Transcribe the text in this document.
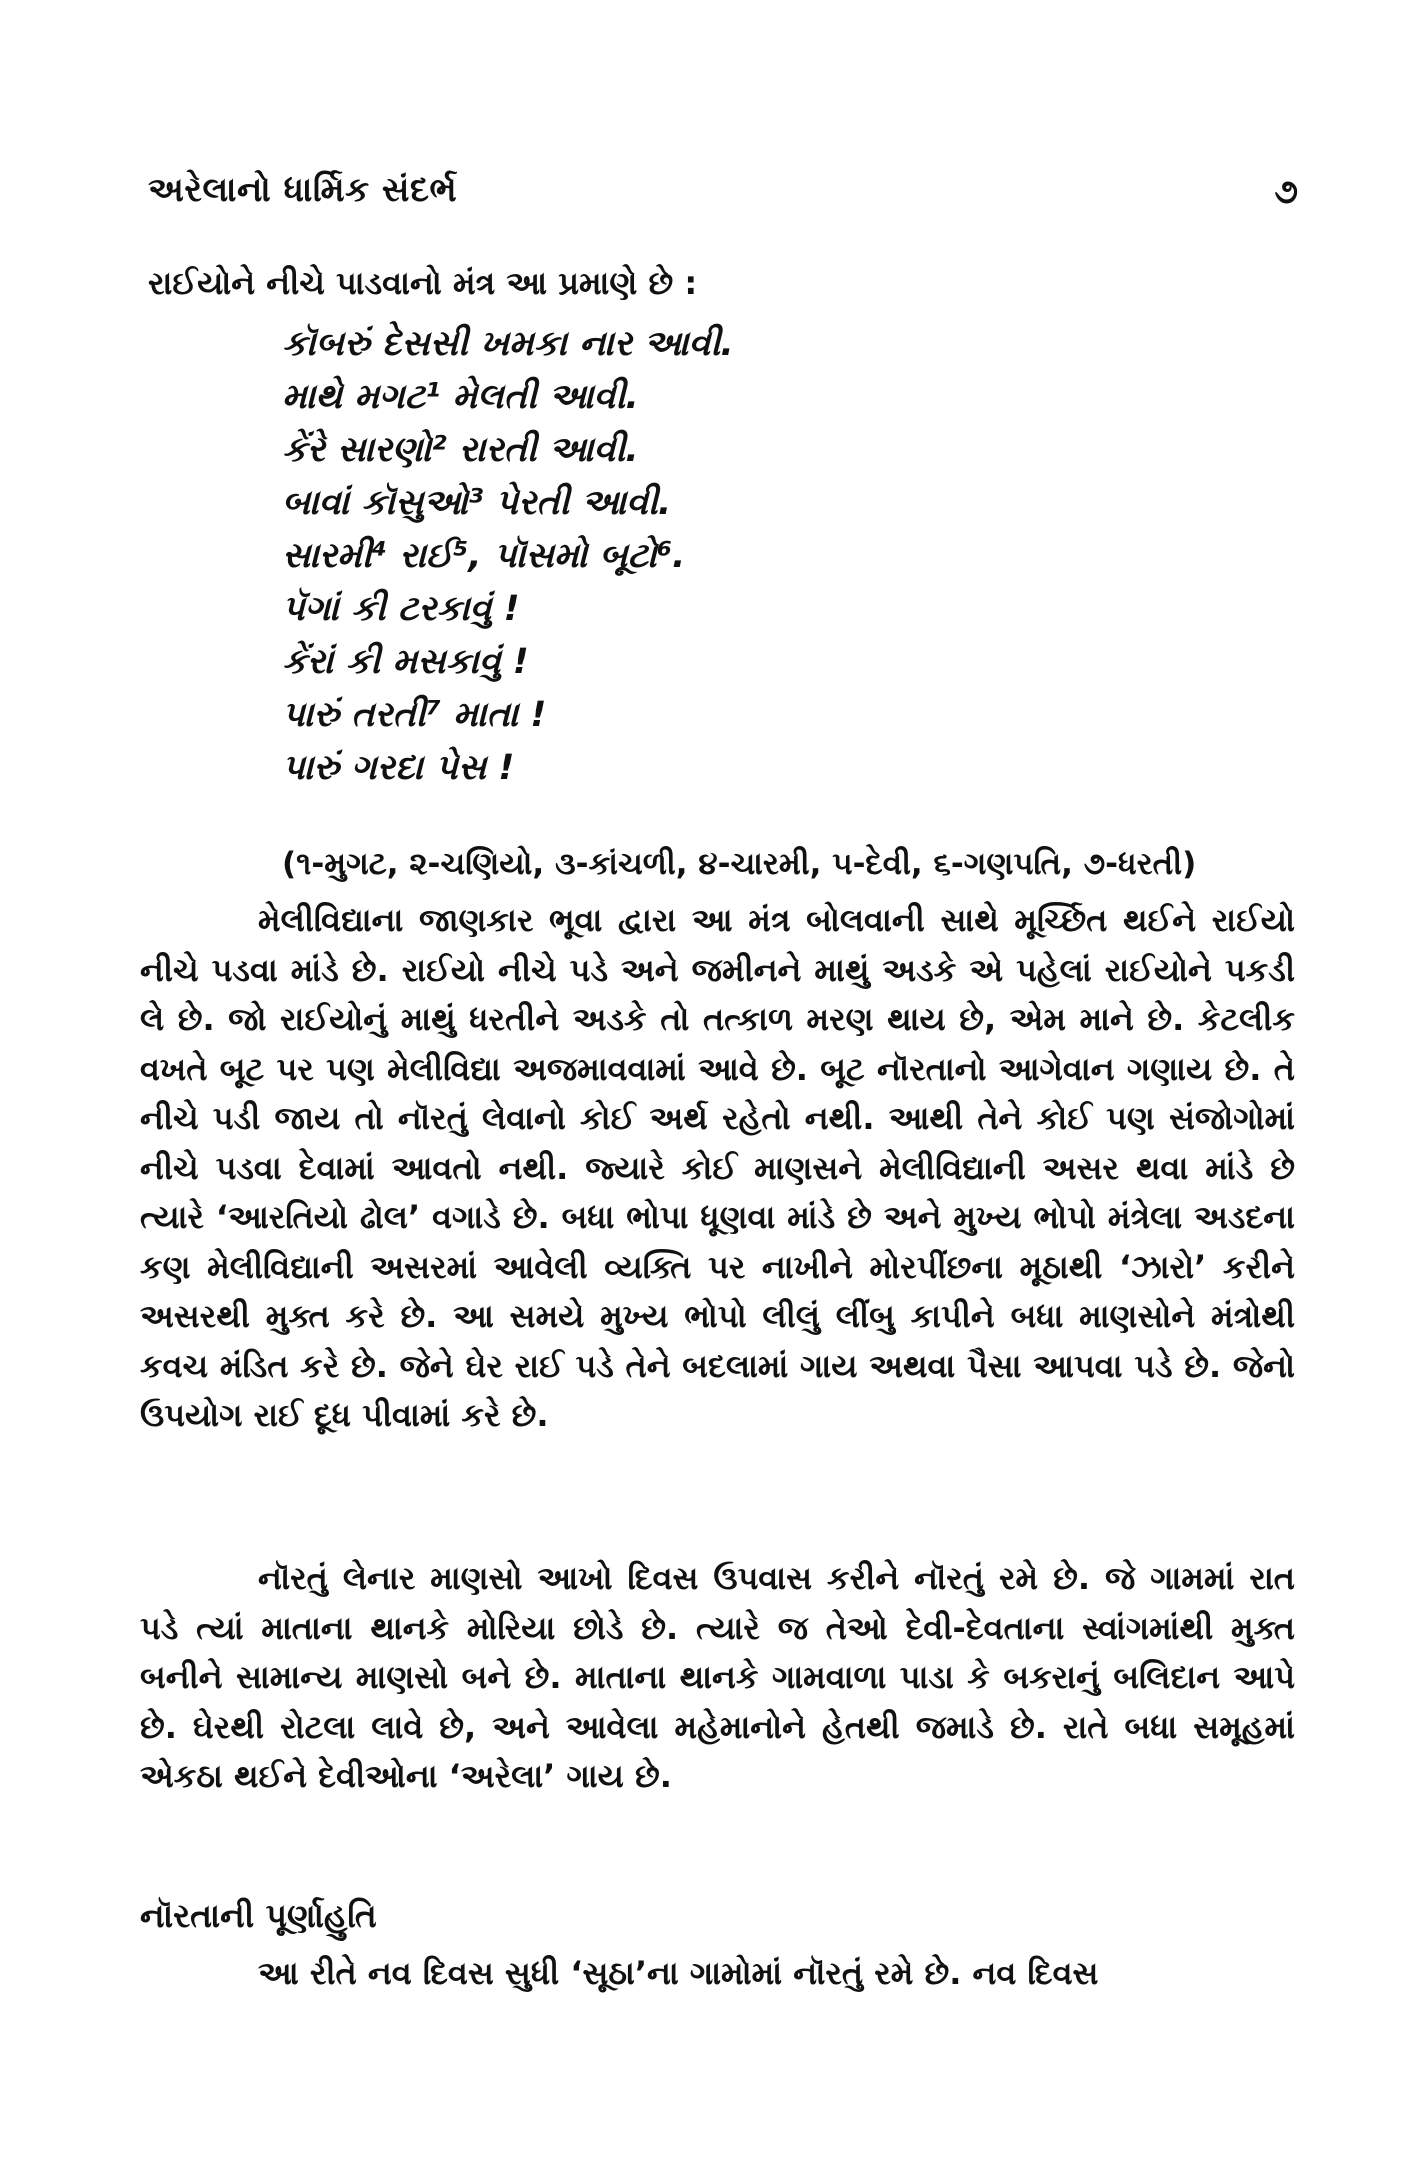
અરેલાનો ધાર્મિક સંદર્ભ	૭
રાઈયોને નીચે પાડવાનો મંત્ર આ પ્રમાણે છે :
કૉબરું દેસસી ખમકા નાર આવી.
માથે મગટ¹ મેલતી આવી.
કેંરે સારણો² રારતી આવી.
બાવાં કૉસુઓ³ પેરતી આવી.
સારમી⁴ રાઈ⁵, પૉસમો બૂટો⁶.
પૅગાં કી ટરકાવું !
કેંરાં કી મસકાવું !
પારું તરતી⁷ માતા !
પારું ગરદા પેસ !
(૧-મુગટ, ૨-ચણિયો, ૩-કાંચળી, ૪-ચારમી, ૫-દેવી, ૬-ગણપતિ, ૭-ધરતી)

મેલીવિદ્યાના જાણકાર ભૂવા દ્વારા આ મંત્ર બોલવાની સાથે મૂર્ચ્છિત થઈને રાઈયો નીચે પડવા માંડે છે. રાઈયો નીચે પડે અને જમીનને માથું અડકે એ પહેલાં રાઈયોને પકડી લે છે. જો રાઈયોનું માથું ધરતીને અડકે તો તત્કાળ મરણ થાય છે, એમ માને છે. કેટલીક વખતે બૂટ પર પણ મેલીવિદ્યા અજમાવવામાં આવે છે. બૂટ નૉરતાનો આગેવાન ગણાય છે. તે નીચે પડી જાય તો નૉરતું લેવાનો કોઈ અર્થ રહેતો નથી. આથી તેને કોઈ પણ સંજોગોમાં નીચે પડવા દેવામાં આવતો નથી. જ્યારે કોઈ માણસને મેલીવિદ્યાની અસર થવા માંડે છે ત્યારે ‘આરતિયો ઢોલ’ વગાડે છે. બધા ભોપા ધૂણવા માંડે છે અને મુખ્ય ભોપો મંત્રેલા અડદના કણ મેલીવિદ્યાની અસરમાં આવેલી વ્યક્તિ પર નાખીને મોરપીંછના મૂઠાથી ‘ઝારો’ કરીને અસરથી મુક્ત કરે છે. આ સમયે મુખ્ય ભોપો લીલું લીંબુ કાપીને બધા માણસોને મંત્રોથી કવચ મંડિત કરે છે. જેને ઘેર રાઈ પડે તેને બદલામાં ગાય અથવા પૈસા આપવા પડે છે. જેનો ઉપયોગ રાઈ દૂધ પીવામાં કરે છે.

નૉરતું લેનાર માણસો આખો દિવસ ઉપવાસ કરીને નૉરતું રમે છે. જે ગામમાં રાત પડે ત્યાં માતાના થાનકે મોરિયા છોડે છે. ત્યારે જ તેઓ દેવી-દેવતાના સ્વાંગમાંથી મુક્ત બનીને સામાન્ય માણસો બને છે. માતાના થાનકે ગામવાળા પાડા કે બકરાનું બલિદાન આપે છે. ઘેરથી રોટલા લાવે છે, અને આવેલા મહેમાનોને હેતથી જમાડે છે. રાતે બધા સમૂહમાં એકઠા થઈને દેવીઓના ‘અરેલા’ ગાય છે.

નૉરતાની પૂર્ણાહુતિ

આ રીતે નવ દિવસ સુધી ‘સૂઠા’ના ગામોમાં નૉરતું રમે છે. નવ દિવસ
